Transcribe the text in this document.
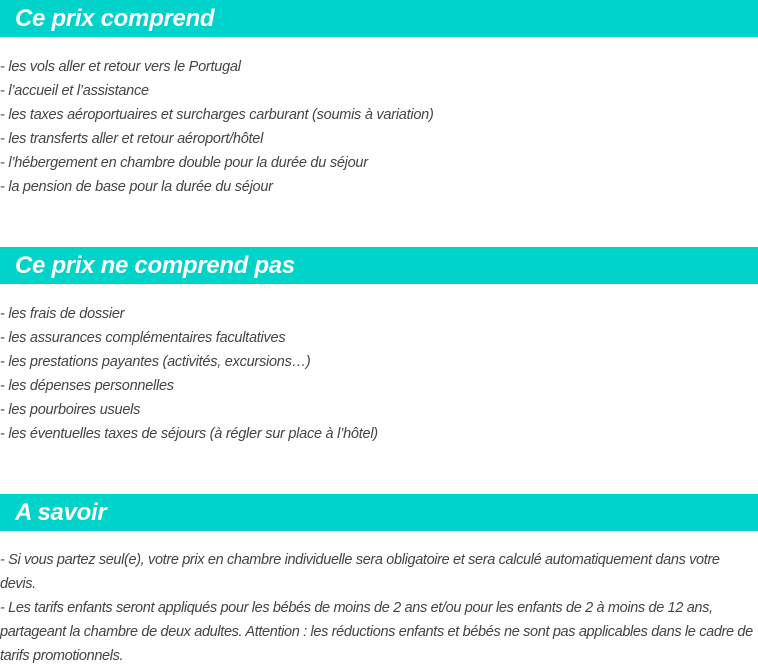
Ce prix comprend
- les vols aller et retour vers le Portugal
- l’accueil et l’assistance
- les taxes aéroportuaires et surcharges carburant (soumis à variation)
- les transferts aller et retour aéroport/hôtel
- l’hébergement en chambre double pour la durée du séjour
- la pension de base pour la durée du séjour
Ce prix ne comprend pas
- les frais de dossier
- les assurances complémentaires facultatives
- les prestations payantes (activités, excursions…)
- les dépenses personnelles
- les pourboires usuels
- les éventuelles taxes de séjours (à régler sur place à l’hôtel)
A savoir

- Si vous partez seul(e), votre prix en chambre individuelle sera obligatoire et sera calculé automatiquement dans votre devis.

- Les tarifs enfants seront appliqués pour les bébés de moins de 2 ans et/ou pour les enfants de 2 à moins de 12 ans, partageant la chambre de deux adultes. Attention : les réductions enfants et bébés ne sont pas applicables dans le cadre de tarifs promotionnels.
